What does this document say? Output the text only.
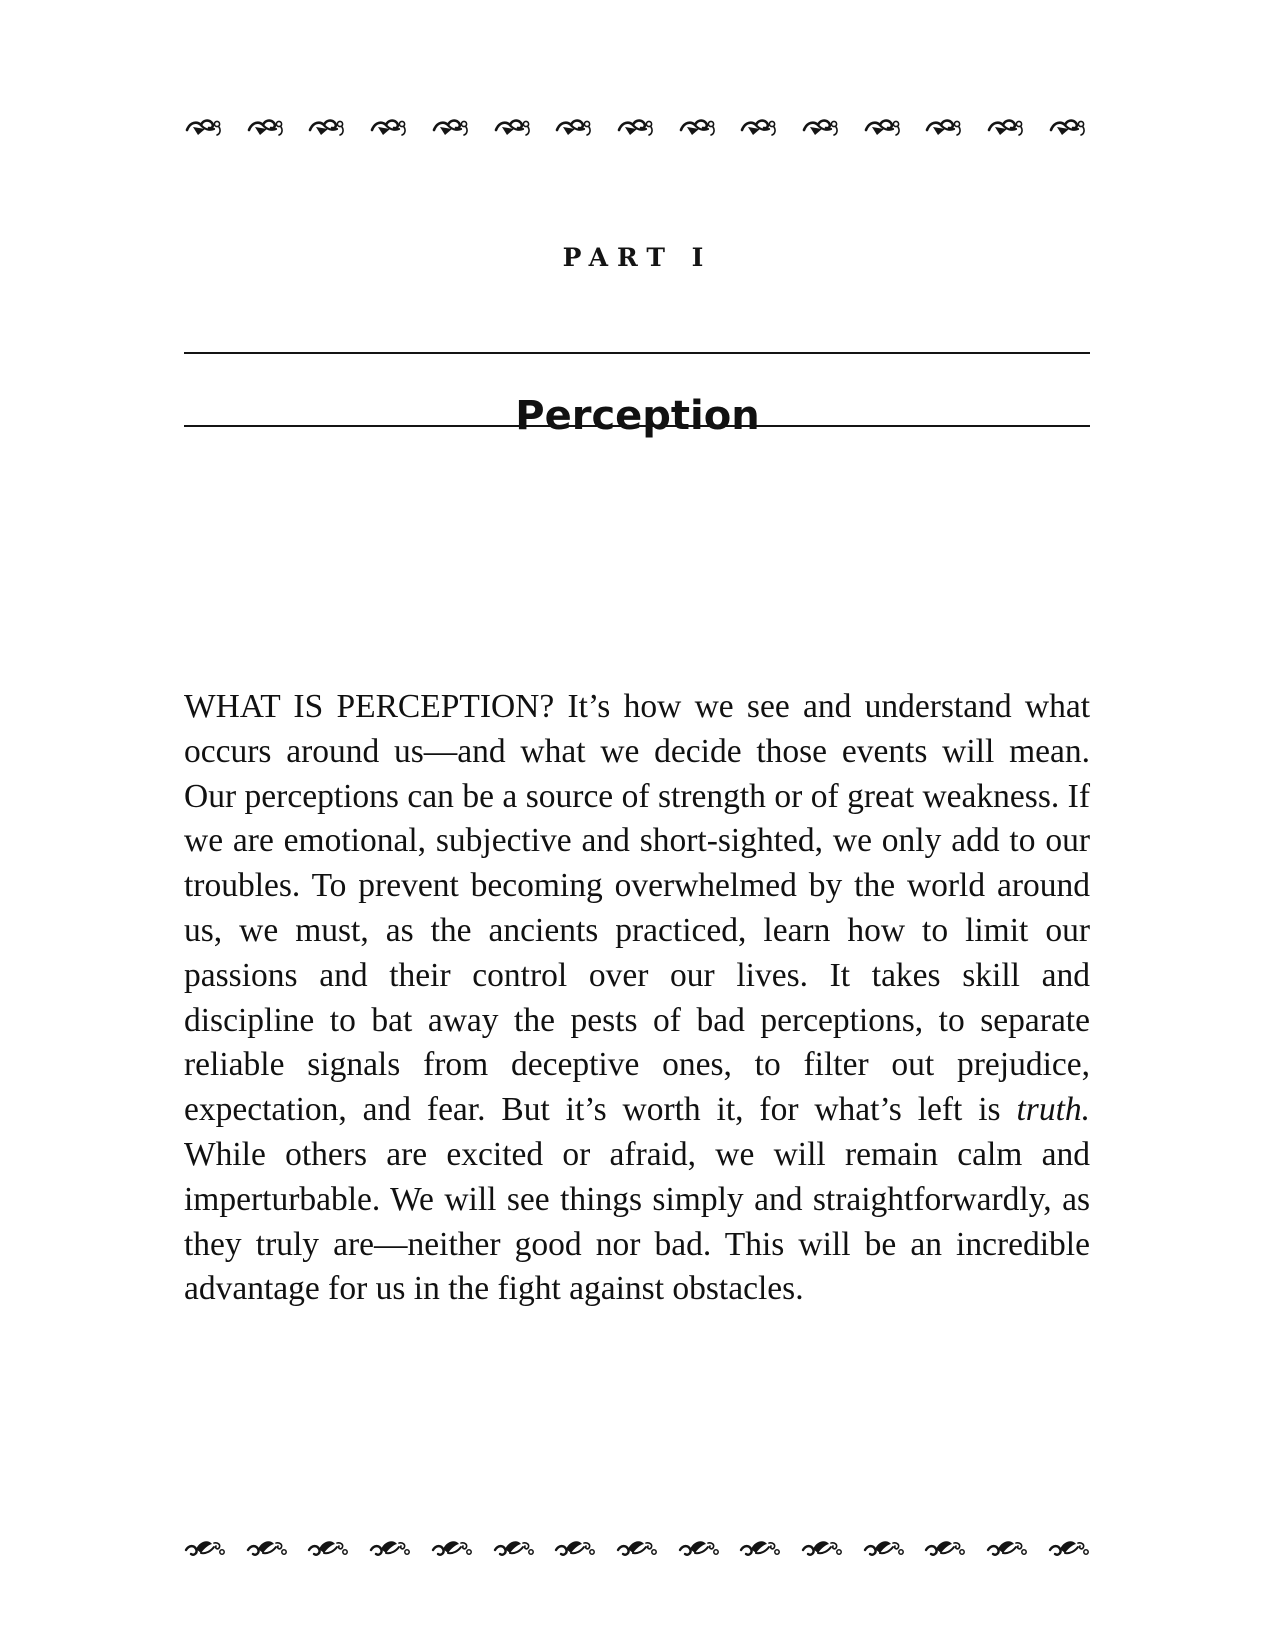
PART I
Perception

WHAT IS PERCEPTION? It’s how we see and understand what occurs around us—and what we decide those events will mean. Our perceptions can be a source of strength or of great weakness. If we are emotional, subjective and short-sighted, we only add to our troubles. To prevent becoming overwhelmed by the world around us, we must, as the ancients practiced, learn how to limit our passions and their control over our lives. It takes skill and discipline to bat away the pests of bad perceptions, to separate reliable signals from deceptive ones, to filter out prejudice, expectation, and fear. But it’s worth it, for what’s left is truth. While others are excited or afraid, we will remain calm and imperturbable. We will see things simply and straightforwardly, as they truly are—neither good nor bad. This will be an incredible advantage for us in the fight against obstacles.
